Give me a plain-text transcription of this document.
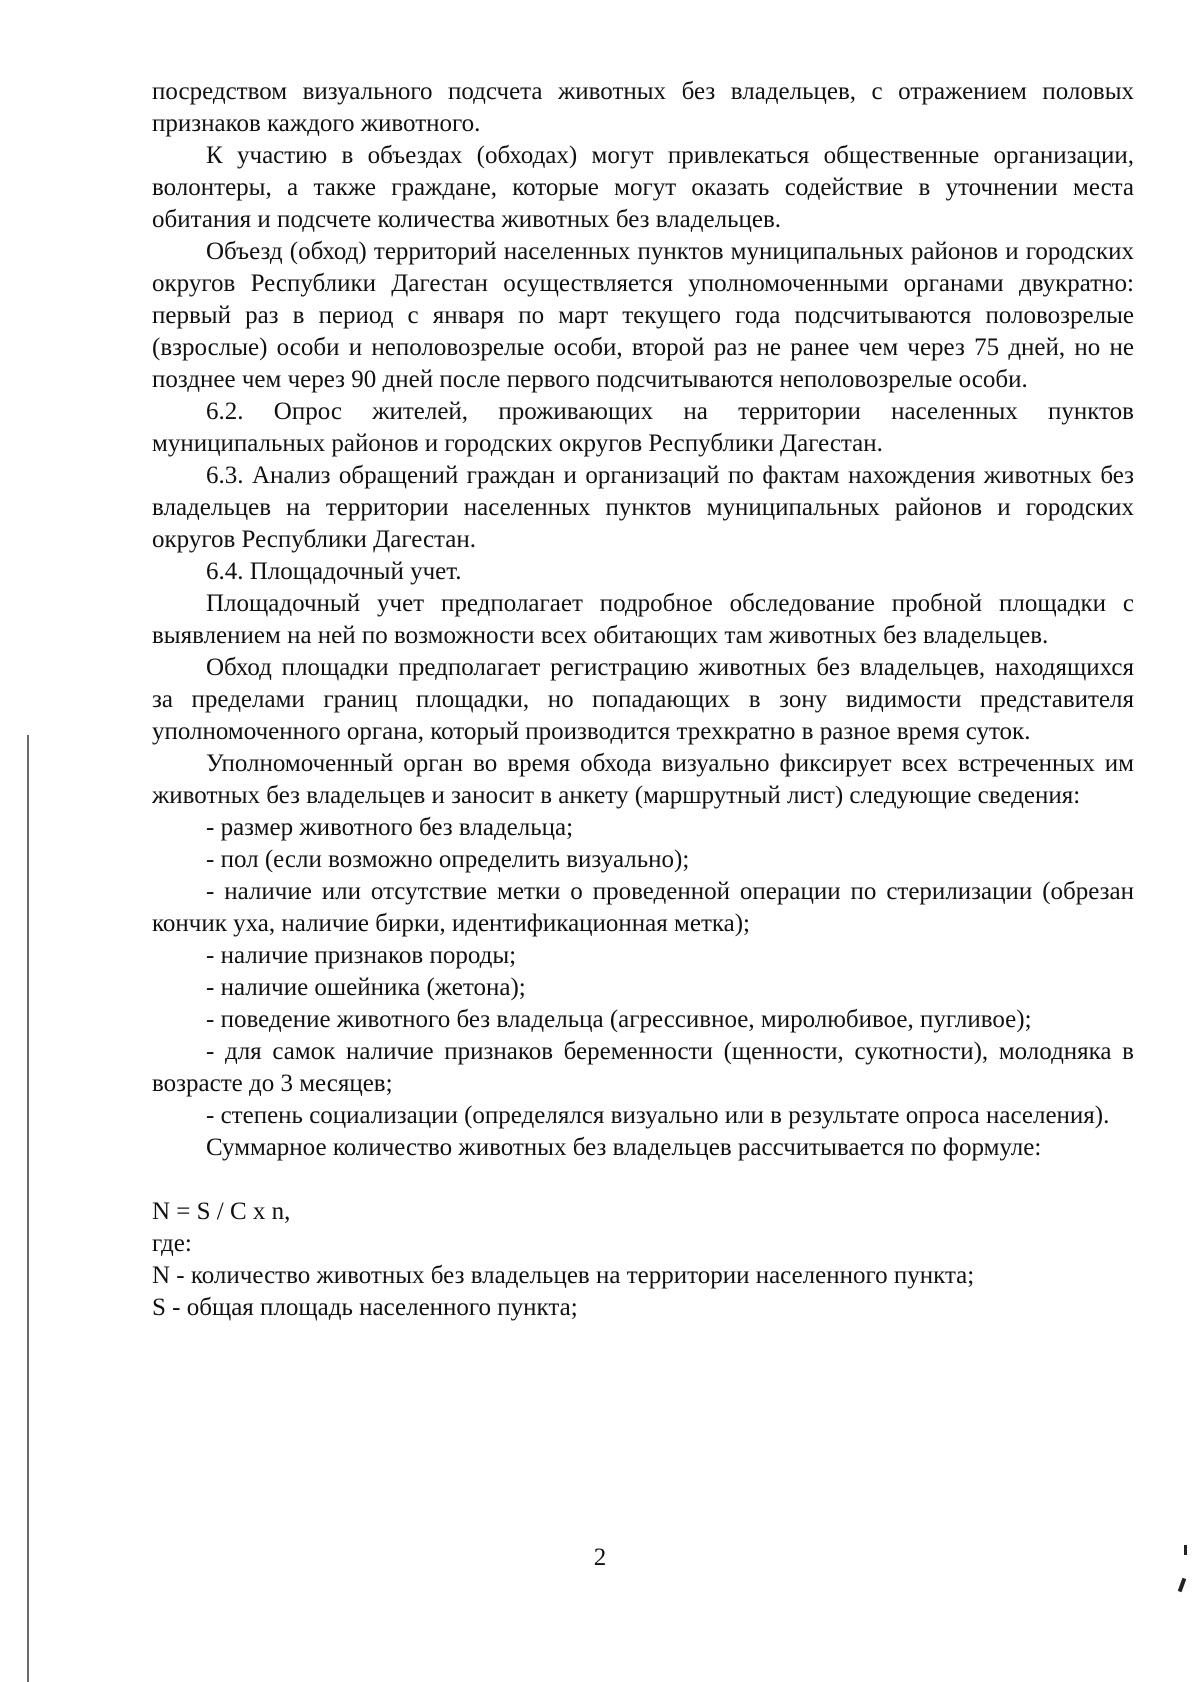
посредством визуального подсчета животных без владельцев, с отражением половых признаков каждого животного.

К участию в объездах (обходах) могут привлекаться общественные организации, волонтеры, а также граждане, которые могут оказать содействие в уточнении места обитания и подсчете количества животных без владельцев.

Объезд (обход) территорий населенных пунктов муниципальных районов и городских округов Республики Дагестан осуществляется уполномоченными органами двукратно: первый раз в период с января по март текущего года подсчитываются половозрелые (взрослые) особи и неполовозрелые особи, второй раз не ранее чем через 75 дней, но не позднее чем через 90 дней после первого подсчитываются неполовозрелые особи.

6.2. Опрос жителей, проживающих на территории населенных пунктов муниципальных районов и городских округов Республики Дагестан.

6.3. Анализ обращений граждан и организаций по фактам нахождения животных без владельцев на территории населенных пунктов муниципальных районов и городских округов Республики Дагестан.

6.4. Площадочный учет.

Площадочный учет предполагает подробное обследование пробной площадки с выявлением на ней по возможности всех обитающих там животных без владельцев.

Обход площадки предполагает регистрацию животных без владельцев, находящихся за пределами границ площадки, но попадающих в зону видимости представителя уполномоченного органа, который производится трехкратно в разное время суток.

Уполномоченный орган во время обхода визуально фиксирует всех встреченных им животных без владельцев и заносит в анкету (маршрутный лист) следующие сведения:

- размер животного без владельца;

- пол (если возможно определить визуально);

- наличие или отсутствие метки о проведенной операции по стерилизации (обрезан кончик уха, наличие бирки, идентификационная метка);

- наличие признаков породы;

- наличие ошейника (жетона);

- поведение животного без владельца (агрессивное, миролюбивое, пугливое);

- для самок наличие признаков беременности (щенности, сукотности), молодняка в возрасте до 3 месяцев;

- степень социализации (определялся визуально или в результате опроса населения).

Суммарное количество животных без владельцев рассчитывается по формуле:

N = S / C x n,

где:

N - количество животных без владельцев на территории населенного пункта;

S - общая площадь населенного пункта;

2
